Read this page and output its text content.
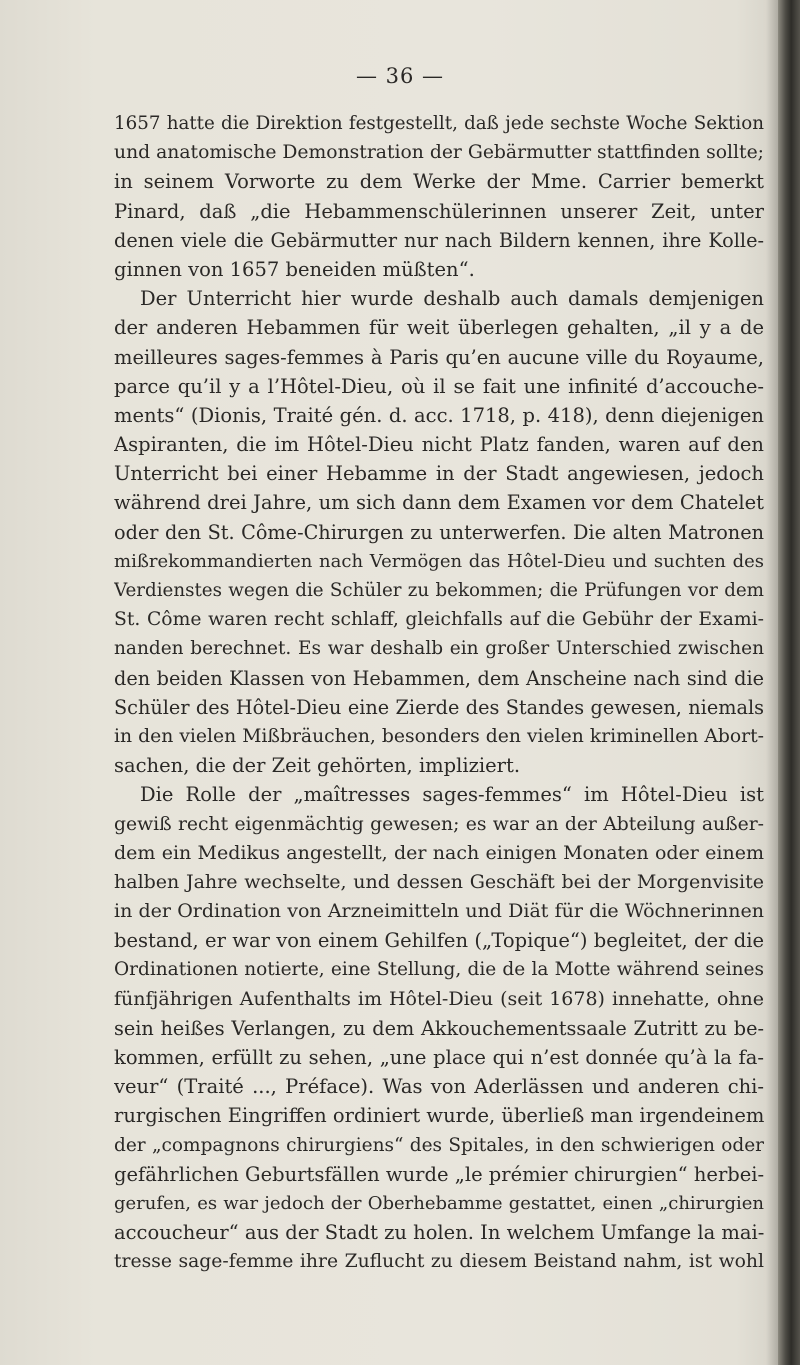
— 36 —
1657 hatte die Direktion festgestellt, daß jede sechste Woche Sektion
und anatomische Demonstration der Gebärmutter stattfinden sollte;
in seinem Vorworte zu dem Werke der Mme. Carrier bemerkt
Pinard, daß „die Hebammenschülerinnen unserer Zeit, unter
denen viele die Gebärmutter nur nach Bildern kennen, ihre Kolle-
ginnen von 1657 beneiden müßten“.
Der Unterricht hier wurde deshalb auch damals demjenigen
der anderen Hebammen für weit überlegen gehalten, „il y a de
meilleures sages-femmes à Paris qu’en aucune ville du Royaume,
parce qu’il y a l’Hôtel-Dieu, où il se fait une infinité d’accouche-
ments“ (Dionis, Traité gén. d. acc. 1718, p. 418), denn diejenigen
Aspiranten, die im Hôtel-Dieu nicht Platz fanden, waren auf den
Unterricht bei einer Hebamme in der Stadt angewiesen, jedoch
während drei Jahre, um sich dann dem Examen vor dem Chatelet
oder den St. Côme-Chirurgen zu unterwerfen. Die alten Matronen
mißrekommandierten nach Vermögen das Hôtel-Dieu und suchten des
Verdienstes wegen die Schüler zu bekommen; die Prüfungen vor dem
St. Côme waren recht schlaff, gleichfalls auf die Gebühr der Exami-
nanden berechnet. Es war deshalb ein großer Unterschied zwischen
den beiden Klassen von Hebammen, dem Anscheine nach sind die
Schüler des Hôtel-Dieu eine Zierde des Standes gewesen, niemals
in den vielen Mißbräuchen, besonders den vielen kriminellen Abort-
sachen, die der Zeit gehörten, impliziert.
Die Rolle der „maîtresses sages-femmes“ im Hôtel-Dieu ist
gewiß recht eigenmächtig gewesen; es war an der Abteilung außer-
dem ein Medikus angestellt, der nach einigen Monaten oder einem
halben Jahre wechselte, und dessen Geschäft bei der Morgenvisite
in der Ordination von Arzneimitteln und Diät für die Wöchnerinnen
bestand, er war von einem Gehilfen („Topique“) begleitet, der die
Ordinationen notierte, eine Stellung, die de la Motte während seines
fünfjährigen Aufenthalts im Hôtel-Dieu (seit 1678) innehatte, ohne
sein heißes Verlangen, zu dem Akkouchementssaale Zutritt zu be-
kommen, erfüllt zu sehen, „une place qui n’est donnée qu’à la fa-
veur“ (Traité ..., Préface). Was von Aderlässen und anderen chi-
rurgischen Eingriffen ordiniert wurde, überließ man irgendeinem
der „compagnons chirurgiens“ des Spitales, in den schwierigen oder
gefährlichen Geburtsfällen wurde „le prémier chirurgien“ herbei-
gerufen, es war jedoch der Oberhebamme gestattet, einen „chirurgien
accoucheur“ aus der Stadt zu holen. In welchem Umfange la mai-
tresse sage-femme ihre Zuflucht zu diesem Beistand nahm, ist wohl
